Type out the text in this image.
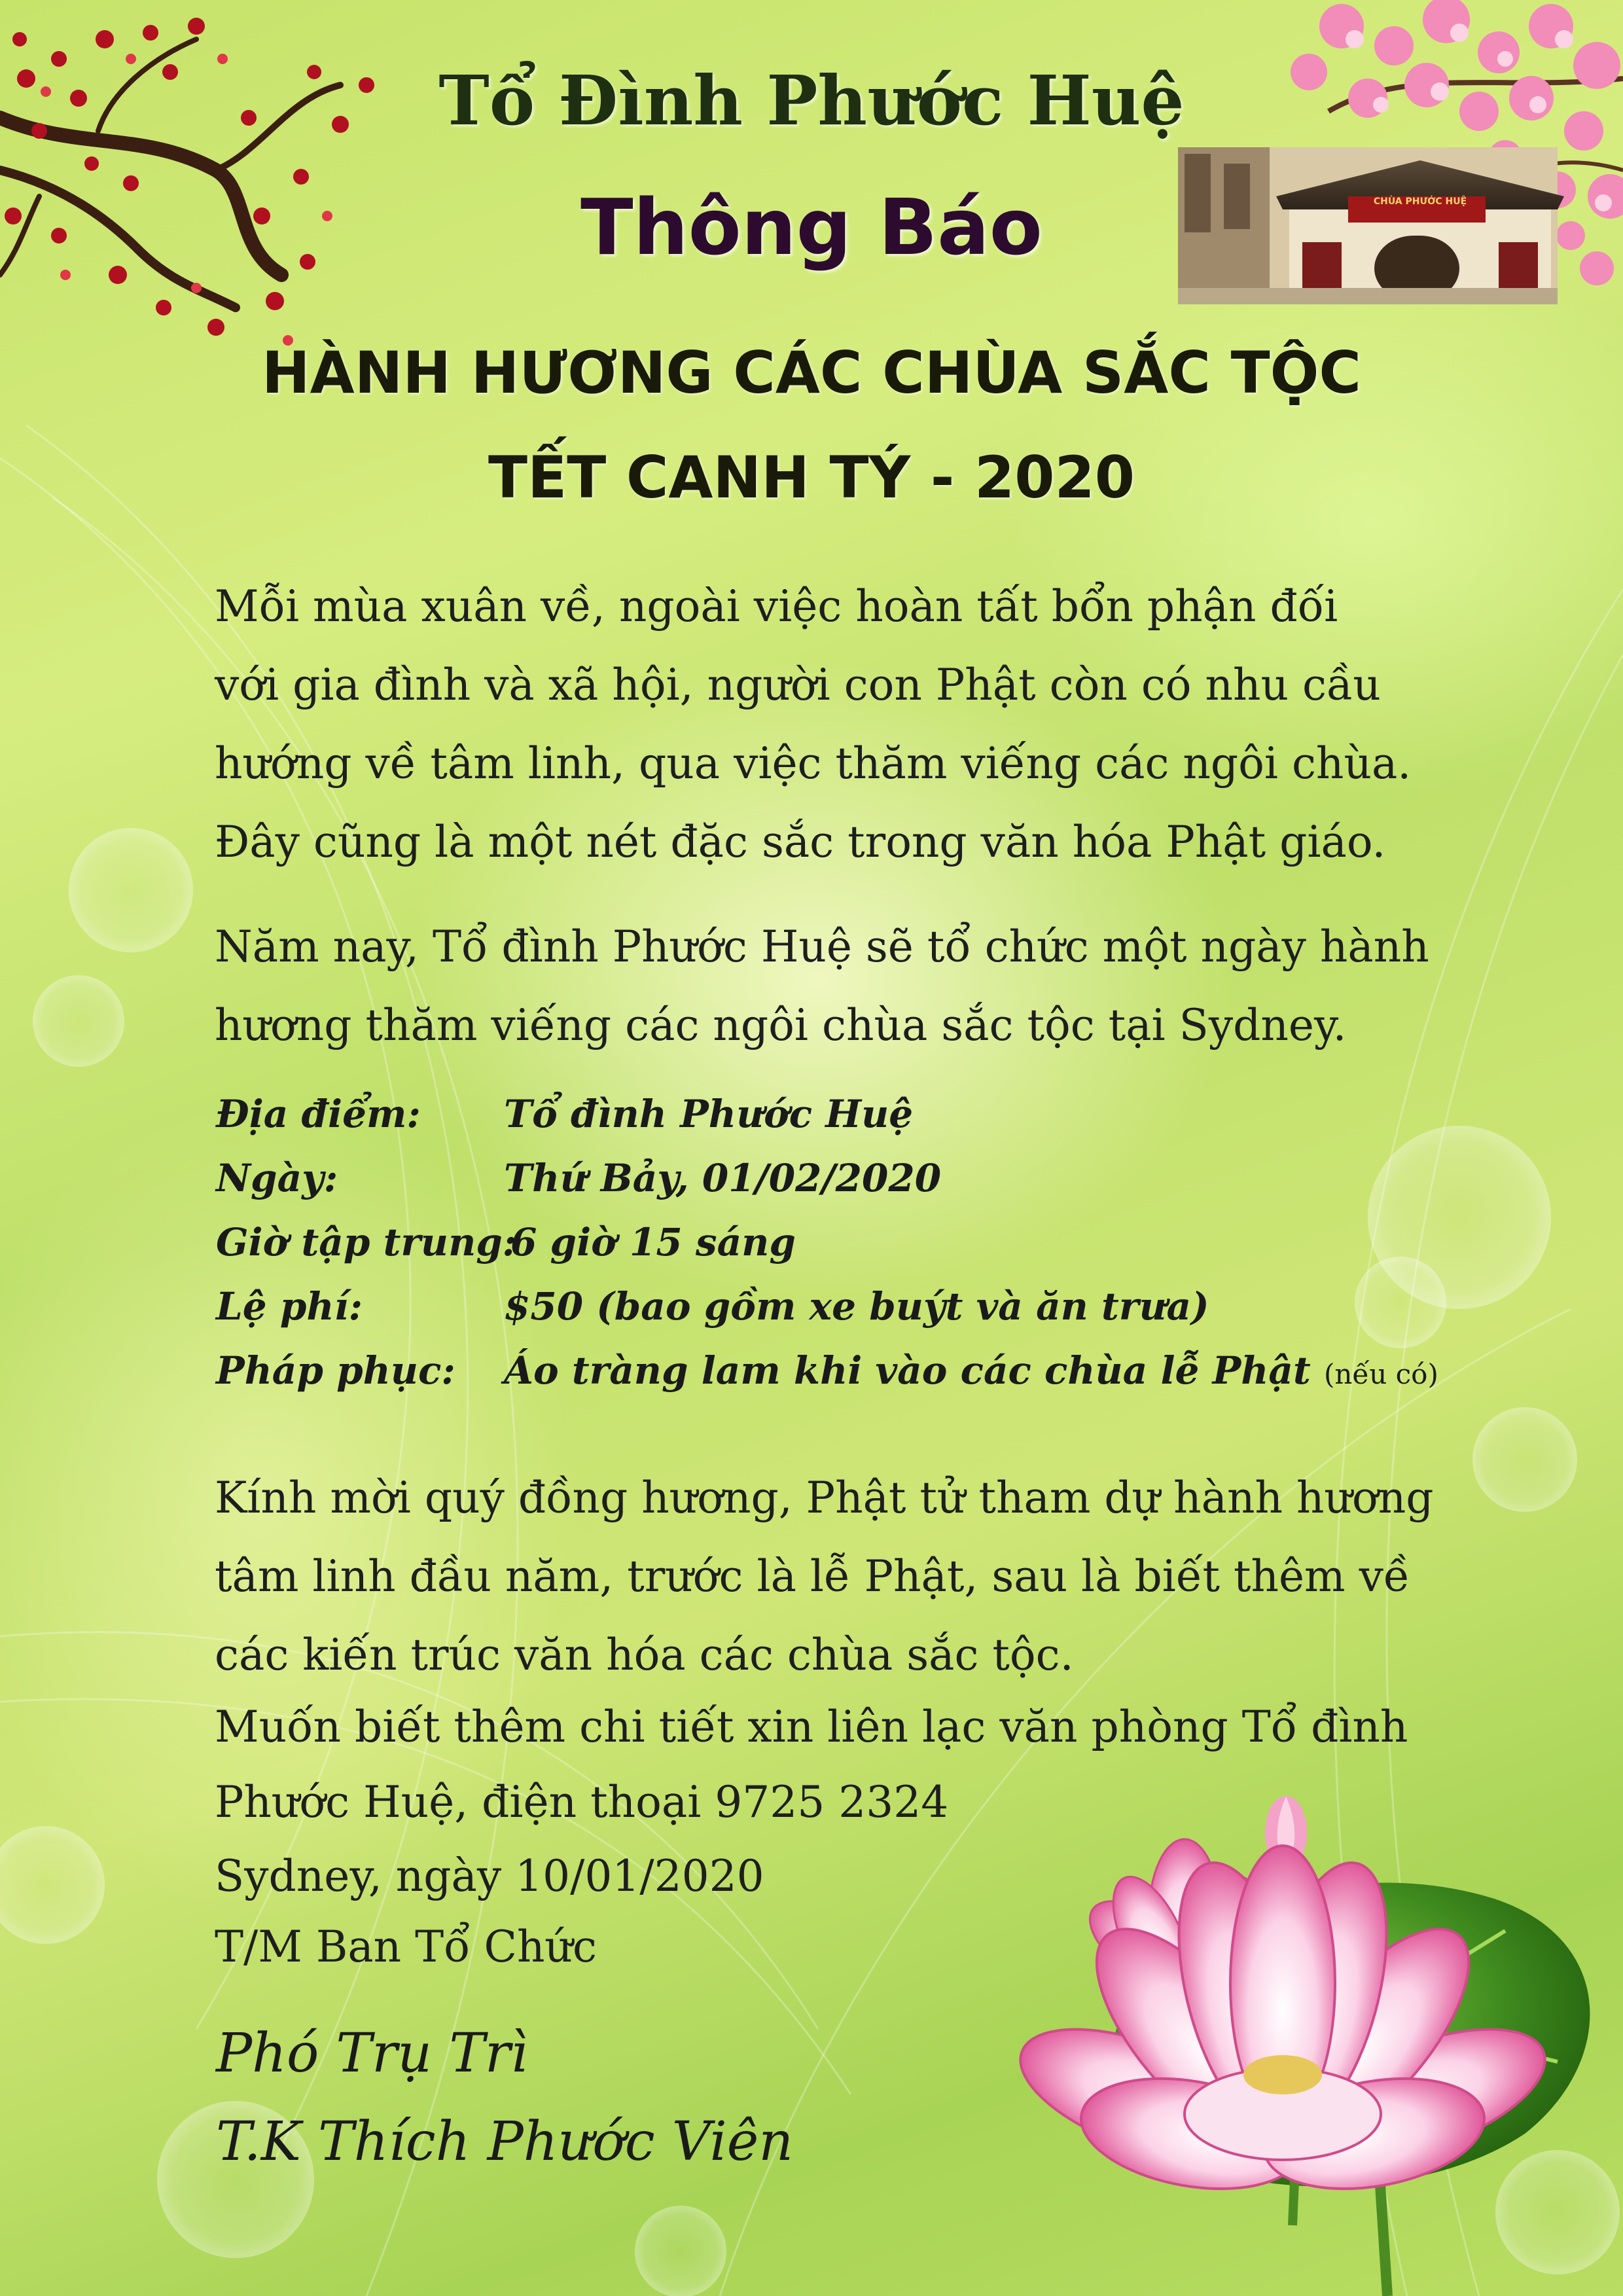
Tổ Đình Phước Huệ
Thông Báo	CHÙA PHƯỚC HUỆ
HÀNH HƯƠNG CÁC CHÙA SẮC TỘC
TẾT CANH TÝ - 2020
Mỗi mùa xuân về, ngoài việc hoàn tất bổn phận đối
với gia đình và xã hội, người con Phật còn có nhu cầu
hướng về tâm linh, qua việc thăm viếng các ngôi chùa.
Đây cũng là một nét đặc sắc trong văn hóa Phật giáo.
Năm nay, Tổ đình Phước Huệ sẽ tổ chức một ngày hành
hương thăm viếng các ngôi chùa sắc tộc tại Sydney.
Địa điểm: Tổ đình Phước Huệ
Ngày:	Thứ Bảy, 01/02/2020
Giờ tập trung:
6 giờ 15 sáng
Lệ phí:	$50 (bao gồm xe buýt và ăn trưa)
Pháp phục: Áo tràng lam khi vào các chùa lễ Phật (nếu có)
Kính mời quý đồng hương, Phật tử tham dự hành hương
tâm linh đầu năm, trước là lễ Phật, sau là biết thêm về
các kiến trúc văn hóa các chùa sắc tộc.
Muốn biết thêm chi tiết xin liên lạc văn phòng Tổ đình
Phước Huệ, điện thoại 9725 2324
Sydney, ngày 10/01/2020
T/M Ban Tổ Chức
Phó Trụ Trì
T.K Thích Phước Viên
